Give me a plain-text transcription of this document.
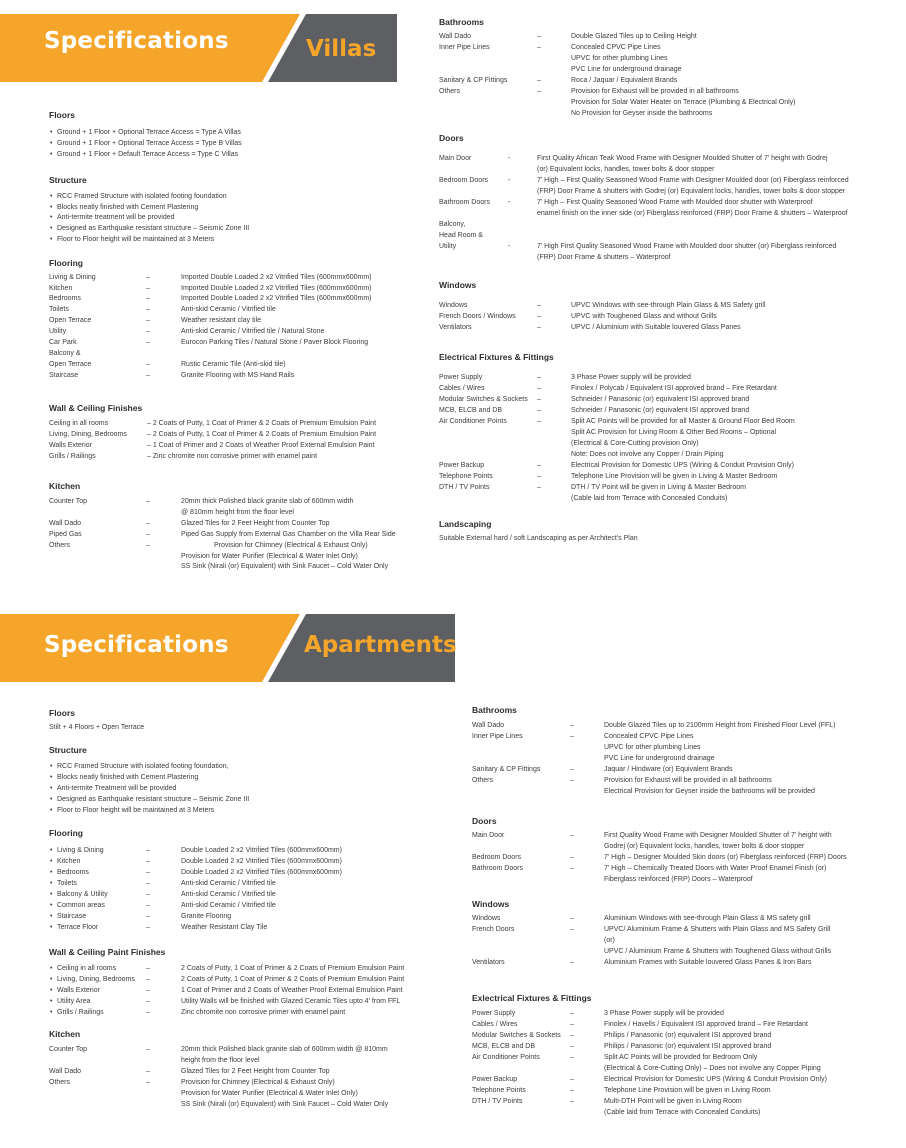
Specifications	Villas
Specifications	Apartments
Floors
• Ground + 1 Floor + Optional Terrace Access = Type A Villas
• Ground + 1 Floor + Optional Terrace Access = Type B Villas
• Ground + 1 Floor + Default Terrace Access = Type C Villas
Structure
• RCC Framed Structure with isolated footing foundation
• Blocks neatly finished with Cement Plastering
• Anti-termite treatment will be provided
• Designed as Earthquake resistant structure – Seismic Zone III
• Floor to Floor height will be maintained at 3 Meters
Flooring
Living & Dining	–	Imported Double Loaded 2 x2 Vitrified Tiles (600mmx600mm)
Kitchen	–	Imported Double Loaded 2 x2 Vitrified Tiles (600mmx600mm)
Bedrooms	–	Imported Double Loaded 2 x2 Vitrified Tiles (600mmx600mm)
Toilets	–	Anti-skid Ceramic / Vitrified tile
Open Terrace	–	Weather resistant clay tile
Utility	–	Anti-skid Ceramic / Vitrified tile / Natural Stone
Car Park	–	Eurocon Parking Tiles / Natural Stone / Paver Block Flooring
Balcony &
Open Terrace	–	Rustic Ceramic Tile (Anti-skid tile)
Staircase	–	Granite Flooring with MS Hand Rails
Wall & Ceiling Finishes
Ceiling in all rooms	– 2 Coats of Putty, 1 Coat of Primer & 2 Coats of Premium Emulsion Paint
Living, Dining, Bedrooms	– 2 Coats of Putty, 1 Coat of Primer & 2 Coats of Premium Emulsion Paint
Walls Exterior	– 1 Coat of Primer and 2 Coats of Weather Proof External Emulsion Paint
Grills / Railings	– Zinc chromite non corrosive primer with enamel paint
Kitchen
Counter Top	–	20mm thick Polished black granite slab of 600mm width
@ 810mm height from the floor level
Wall Dado	–	Glazed Tiles for 2 Feet Height from Counter Top
Piped Gas	–	Piped Gas Supply from External Gas Chamber on the Villa Rear Side
Others	–	Provision for Chimney (Electrical & Exhaust Only)
Provision for Water Purifier (Electrical & Water Inlet Only)
SS Sink (Nirali (or) Equivalent) with Sink Faucet – Cold Water Only
Bathrooms
Wall Dado	–	Double Glazed Tiles up to Ceiling Height
Inner Pipe Lines	–	Concealed CPVC Pipe Lines
UPVC for other plumbing Lines
PVC Line for underground drainage
Sanitary & CP Fittings	–	Roca / Jaquar / Equivalent Brands
Others	–	Provision for Exhaust will be provided in all bathrooms
Provision for Solar Water Heater on Terrace (Plumbing & Electrical Only)
No Provision for Geyser inside the bathrooms
Doors
Main Door	-	First Quality African Teak Wood Frame with Designer Moulded Shutter of 7' height with Godrej
(or) Equivalent locks, handles, tower bolts & door stopper
Bedroom Doors	-	7' High – First Quality Seasoned Wood Frame with Designer Moulded door (or) Fiberglass reinforced
(FRP) Door Frame & shutters with Godrej (or) Equivalent locks, handles, tower bolts & door stopper
Bathroom Doors	-	7' High – First Quality Seasoned Wood Frame with Moulded door shutter with Waterproof
enamel finish on the inner side (or) Fiberglass reinforced (FRP) Door Frame & shutters – Waterproof
Balcony,
Head Room &
Utility	-	7' High First Quality Seasoned Wood Frame with Moulded door shutter (or) Fiberglass reinforced
(FRP) Door Frame & shutters – Waterproof
Windows
Windows	–	UPVC Windows with see-through Plain Glass & MS Safety grill
French Doors / Windows	–	UPVC with Toughened Glass and without Grills
Ventilators	–	UPVC / Aluminium with Suitable louvered Glass Panes
Electrical Fixtures & Fittings
Power Supply	–	3 Phase Power supply will be provided
Cables / Wires	–	Finolex / Polycab / Equivalent ISI approved brand – Fire Retardant
Modular Switches & Sockets –	Schneider / Panasonic (or) equivalent ISI approved brand
MCB, ELCB and DB	–	Schneider / Panasonic (or) equivalent ISI approved brand
Air Conditioner Points	–	Split AC Points will be provided for all Master & Ground Floor Bed Room
Split AC Provision for Living Room & Other Bed Rooms – Optional
(Electrical & Core-Cutting provision Only)
Note: Does not involve any Copper / Drain Piping
Power Backup	–	Electrical Provision for Domestic UPS (Wiring & Conduit Provision Only)
Telephone Points	–	Telephone Line Provision will be given in Living & Master Bedroom
DTH / TV Points	–	DTH / TV Point will be given in Living & Master Bedroom
(Cable laid from Terrace with Concealed Conduits)
Landscaping
Suitable External hard / soft Landscaping as per Architect's Plan
Floors
Stilt + 4 Floors + Open Terrace
Structure
• RCC Framed Structure with isolated footing foundation,
• Blocks neatly finished with Cement Plastering
• Anti-termite Treatment will be provided
• Designed as Earthquake resistant structure – Seismic Zone III
• Floor to Floor height will be maintained at 3 Meters
Flooring
• Living & Dining	–	Double Loaded 2 x2 Vitrified Tiles (600mmx600mm)
• Kitchen	–	Double Loaded 2 x2 Vitrified Tiles (600mmx600mm)
• Bedrooms	–	Double Loaded 2 x2 Vitrified Tiles (600mmx600mm)
• Toilets	–	Anti-skid Ceramic / Vitrified tile
• Balcony & Utility	–	Anti-skid Ceramic / Vitrified tile
• Common areas	–	Anti-skid Ceramic / Vitrified tile
• Staircase	–	Granite Flooring
• Terrace Floor	–	Weather Resistant Clay Tile
Wall & Ceiling Paint Finishes
• Ceiling in all rooms	–	2 Coats of Putty, 1 Coat of Primer & 2 Coats of Premium Emulsion Paint
• Living, Dining, Bedrooms –	2 Coats of Putty, 1 Coat of Primer & 2 Coats of Premium Emulsion Paint
• Walls Exterior	–	1 Coat of Primer and 2 Coats of Weather Proof External Emulsion Paint
• Utility Area	–	Utility Walls will be finished with Glazed Ceramic Tiles upto 4' from FFL
• Grills / Railings	–	Zinc chromite non corrosive primer with enamel paint
Kitchen
Counter Top	–	20mm thick Polished black granite slab of 600mm width @ 810mm
height from the floor level
Wall Dado	–	Glazed Tiles for 2 Feet Height from Counter Top
Others	–	Provision for Chimney (Electrical & Exhaust Only)
Provision for Water Purifier (Electrical & Water Inlet Only)
SS Sink (Nirali (or) Equivalent) with Sink Faucet – Cold Water Only
Bathrooms
Wall Dado	–	Double Glazed Tiles up to 2100mm Height from Finished Floor Level (FFL)
Inner Pipe Lines	–	Concealed CPVC Pipe Lines
UPVC for other plumbing Lines
PVC Line for underground drainage
Sanitary & CP Fittings	–	Jaquar / Hindware (or) Equivalent Brands
Others	–	Provision for Exhaust will be provided in all bathrooms
Electrical Provision for Geyser inside the bathrooms will be provided
Doors
Main Door	–	First Quality Wood Frame with Designer Moulded Shutter of 7' height with
Godrej (or) Equivalent locks, handles, tower bolts & door stopper
Bedroom Doors	–	7' High – Designer Moulded Skin doors (or) Fiberglass reinforced (FRP) Doors
Bathroom Doors	–	7' High – Chemically Treated Doors with Water Proof Enamel Finish (or)
Fiberglass reinforced (FRP) Doors – Waterproof
Windows
Windows	–	Aluminium Windows with see-through Plain Glass & MS safety grill
French Doors	–	UPVC/ Aluminium Frame & Shutters with Plain Glass and MS Safety Grill
(or)
UPVC / Aluminium Frame & Shutters with Toughened Glass without Grills
Ventilators	–	Aluminium Frames with Suitable louvered Glass Panes & Iron Bars
Exlectrical Fixtures & Fittings
Power Supply	–	3 Phase Power supply will be provided
Cables / Wires	–	Finolex / Havells / Equivalent ISI approved brand – Fire Retardant
Modular Switches & Sockets –	Philips / Panasonic (or) equivalent ISI approved brand
MCB, ELCB and DB	–	Philips / Panasonic (or) equivalent ISI approved brand
Air Conditioner Points	–	Split AC Points will be provided for Bedroom Only
(Electrical & Core-Cutting Only) – Does not involve any Copper Piping
Power Backup	–	Electrical Provision for Domestic UPS (Wiring & Conduit Provision Only)
Telephone Points	–	Telephone Line Provision will be given in Living Room
DTH / TV Points	–	Multi-DTH Point will be given in Living Room
(Cable laid from Terrace with Concealed Conduits)
